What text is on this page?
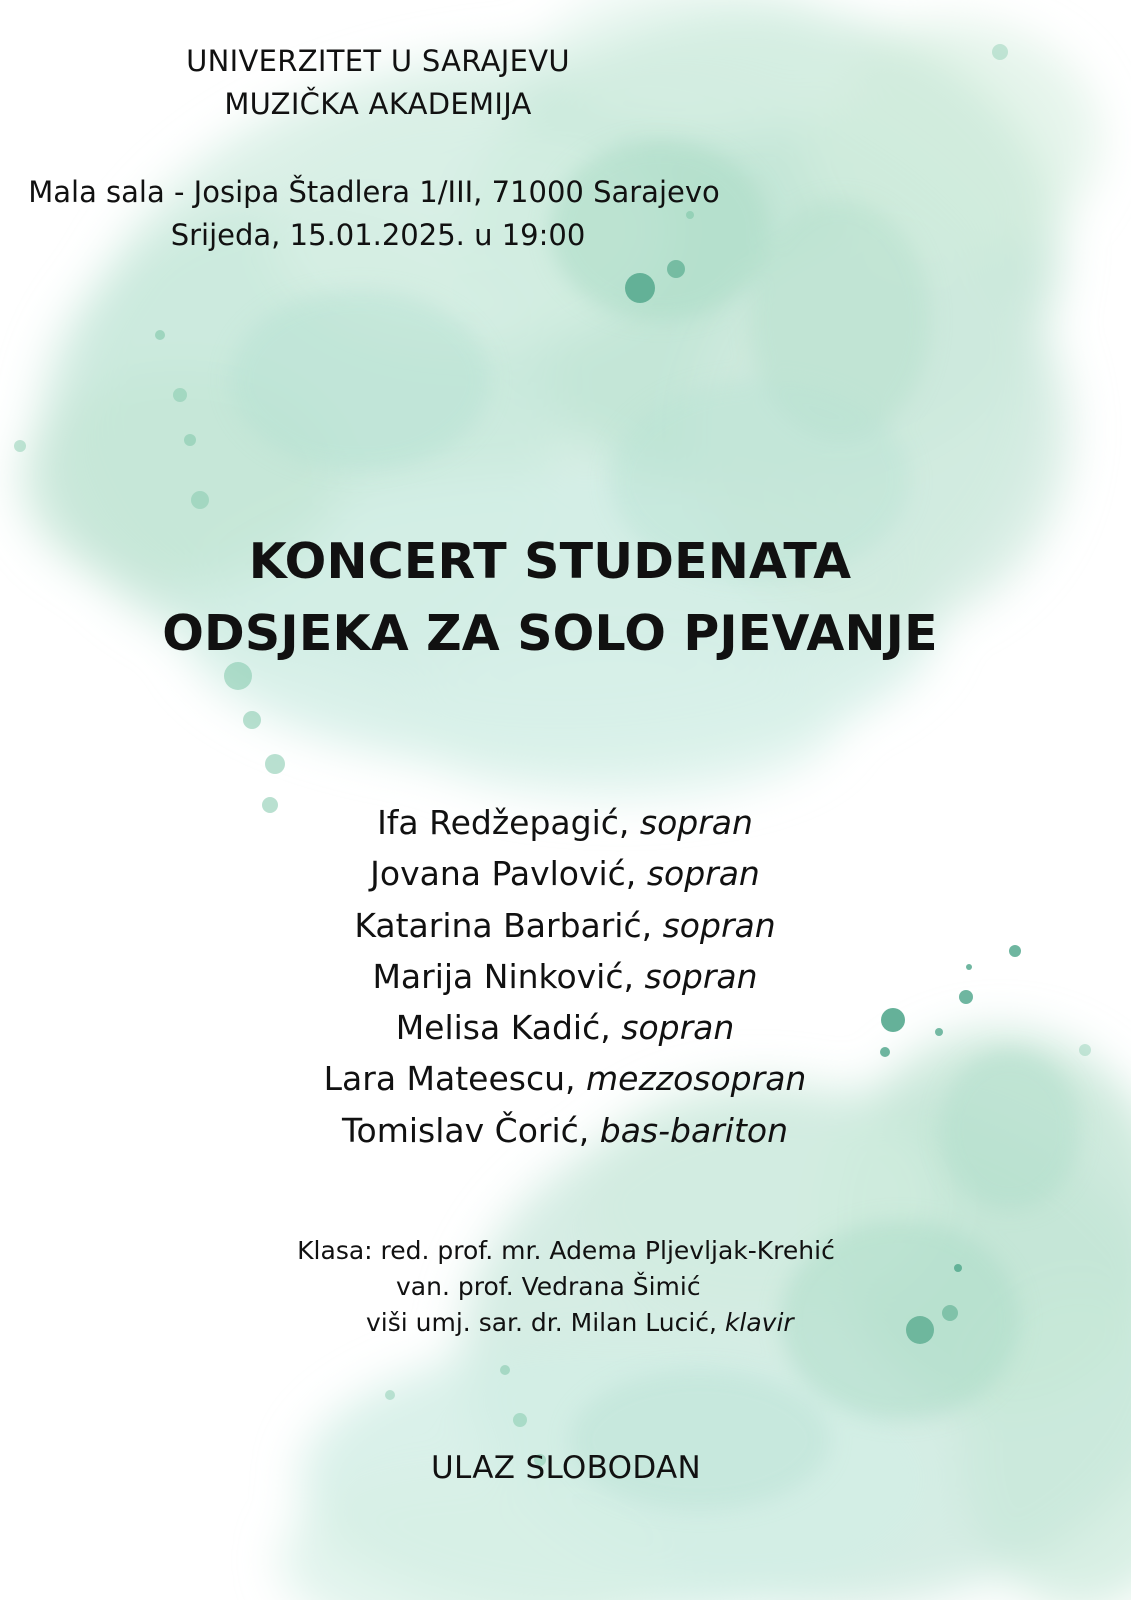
UNIVERZITET U SARAJEVU
MUZIČKA AKADEMIJA
Mala sala - Josipa Štadlera 1/III, 71000 Sarajevo
Srijeda, 15.01.2025. u 19:00
KONCERT STUDENATA
ODSJEKA ZA SOLO PJEVANJE
Ifa Redžepagić, sopran
Jovana Pavlović, sopran
Katarina Barbarić, sopran
Marija Ninković, sopran
Melisa Kadić, sopran
Lara Mateescu, mezzosopran
Tomislav Čorić, bas-bariton
Klasa: red. prof. mr. Adema Pljevljak-Krehić
van. prof. Vedrana Šimić
viši umj. sar. dr. Milan Lucić, klavir
ULAZ SLOBODAN
